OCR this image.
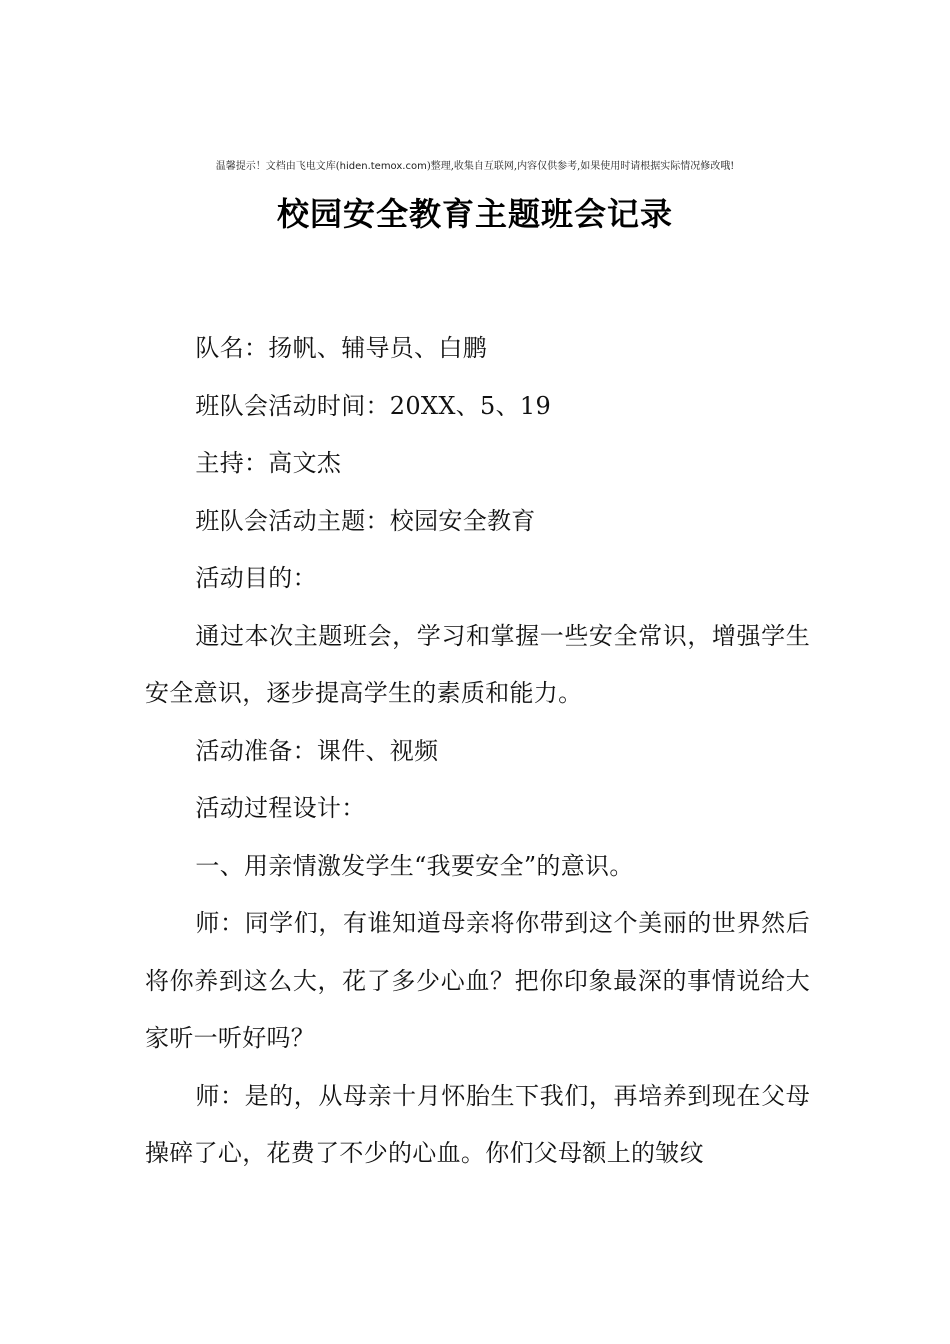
温馨提示！文档由飞电文库(hiden.temox.com)整理,收集自互联网,内容仅供参考,如果使用时请根据实际情况修改哦!
校园安全教育主题班会记录

队名：扬帆、辅导员、白鹏

班队会活动时间：20XX、5、19

主持：高文杰

班队会活动主题：校园安全教育

活动目的：

通过本次主题班会，学习和掌握一些安全常识，增强学生安全意识，逐步提高学生的素质和能力。

活动准备：课件、视频

活动过程设计：

一、用亲情激发学生“我要安全”的意识。

师：同学们，有谁知道母亲将你带到这个美丽的世界然后将你养到这么大，花了多少心血？把你印象最深的事情说给大家听一听好吗？

师：是的，从母亲十月怀胎生下我们，再培养到现在父母操碎了心，花费了不少的心血。你们父母额上的皱纹
